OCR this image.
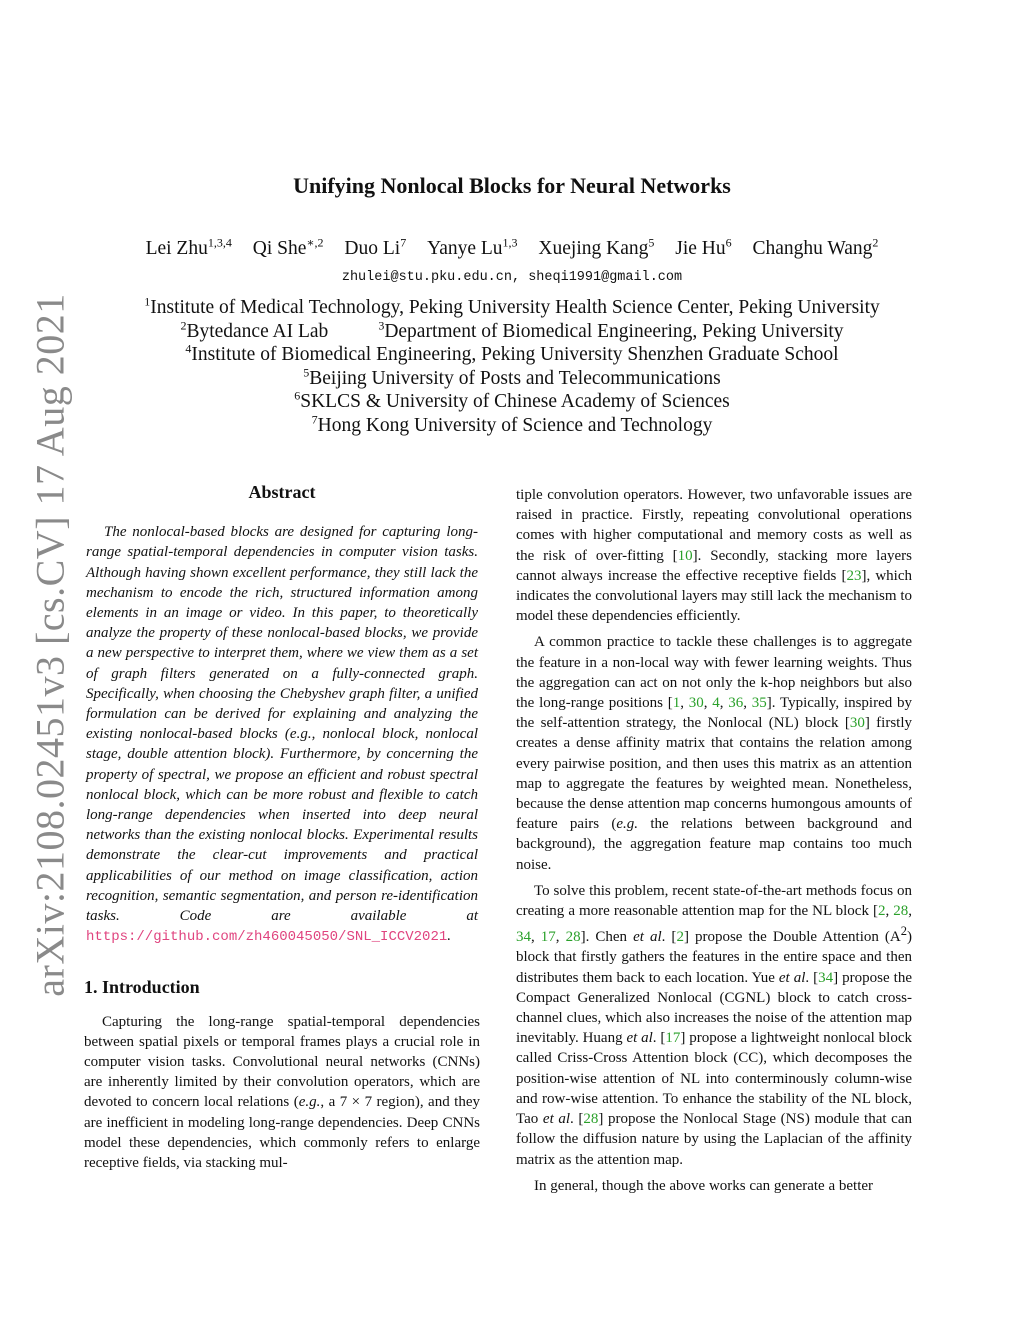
arXiv:2108.02451v3 [cs.CV] 17 Aug 2021
Unifying Nonlocal Blocks for Neural Networks
Lei Zhu$^{1,3,4}$ Qi She$^{∗,2}$ Duo Li$^7$ Yanye Lu$^{1,3}$ Xuejing Kang$^5$ Jie Hu$^6$ Changhu Wang$^2$
zhulei@stu.pku.edu.cn, sheqi1991@gmail.com
$^1$Institute of Medical Technology, Peking University Health Science Center, Peking University
$^2$Bytedance AI Lab	$^3$Department of Biomedical Engineering, Peking University
$^4$Institute of Biomedical Engineering, Peking University Shenzhen Graduate School
$^5$Beijing University of Posts and Telecommunications
$^6$SKLCS & University of Chinese Academy of Sciences
$^7$Hong Kong University of Science and Technology
Abstract

The nonlocal-based blocks are designed for capturing long-range spatial-temporal dependencies in computer vision tasks. Although having shown excellent performance, they still lack the mechanism to encode the rich, structured information among elements in an image or video. In this paper, to theoretically analyze the property of these nonlocal-based blocks, we provide a new perspective to interpret them, where we view them as a set of graph filters generated on a fully-connected graph. Specifically, when choosing the Chebyshev graph filter, a unified formulation can be derived for explaining and analyzing the existing nonlocal-based blocks (e.g., nonlocal block, nonlocal stage, double attention block). Furthermore, by concerning the property of spectral, we propose an efficient and robust spectral nonlocal block, which can be more robust and flexible to catch long-range dependencies when inserted into deep neural networks than the existing nonlocal blocks. Experimental results demonstrate the clear-cut improvements and practical applicabilities of our method on image classification, action recognition, semantic segmentation, and person re-identification tasks. Code are available at https://github.com/zh460045050/SNL_ICCV2021.

1. Introduction

Capturing the long-range spatial-temporal dependencies between spatial pixels or temporal frames plays a crucial role in computer vision tasks. Convolutional neural networks (CNNs) are inherently limited by their convolution operators, which are devoted to concern local relations (e.g., a 7 × 7 region), and they are inefficient in modeling long-range dependencies. Deep CNNs model these dependencies, which commonly refers to enlarge receptive fields, via stacking mul-

tiple convolution operators. However, two unfavorable issues are raised in practice. Firstly, repeating convolutional operations comes with higher computational and memory costs as well as the risk of over-fitting [10]. Secondly, stacking more layers cannot always increase the effective receptive fields [23], which indicates the convolutional layers may still lack the mechanism to model these dependencies efficiently.

A common practice to tackle these challenges is to aggregate the feature in a non-local way with fewer learning weights. Thus the aggregation can act on not only the k-hop neighbors but also the long-range positions [1, 30, 4, 36, 35]. Typically, inspired by the self-attention strategy, the Nonlocal (NL) block [30] firstly creates a dense affinity matrix that contains the relation among every pairwise position, and then uses this matrix as an attention map to aggregate the features by weighted mean. Nonetheless, because the dense attention map concerns humongous amounts of feature pairs (e.g. the relations between background and background), the aggregation feature map contains too much noise.

To solve this problem, recent state-of-the-art methods focus on creating a more reasonable attention map for the NL block [2, 28, 34, 17, 28]. Chen et al. [2] propose the Double Attention $(A^2)$ block that firstly gathers the features in the entire space and then distributes them back to each location. Yue et al. [34] propose the Compact Generalized Nonlocal (CGNL) block to catch cross-channel clues, which also increases the noise of the attention map inevitably. Huang et al. [17] propose a lightweight nonlocal block called Criss-Cross Attention block (CC), which decomposes the position-wise attention of NL into conterminously column-wise and row-wise attention. To enhance the stability of the NL block, Tao et al. [28] propose the Nonlocal Stage (NS) module that can follow the diffusion nature by using the Laplacian of the affinity matrix as the attention map.

In general, though the above works can generate a better
